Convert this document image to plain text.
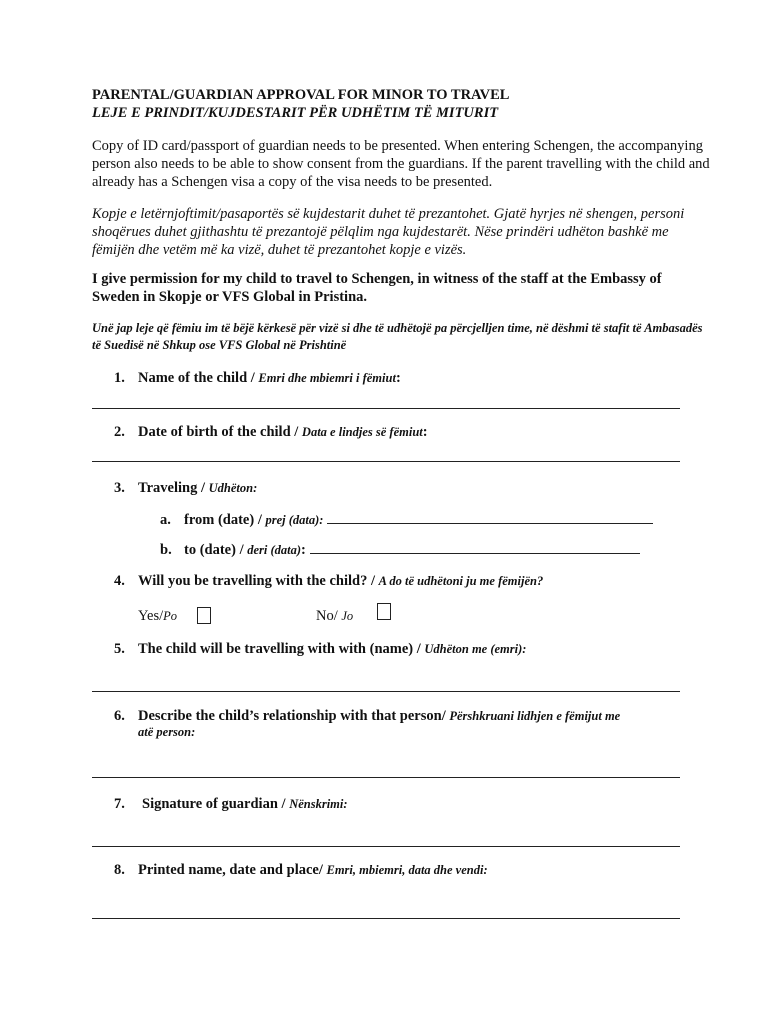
PARENTAL/GUARDIAN APPROVAL FOR MINOR TO TRAVEL
LEJE E PRINDIT/KUJDESTARIT PËR UDHËTIM TË MITURIT
Copy of ID card/passport of guardian needs to be presented. When entering Schengen, the accompanying person also needs to be able to show consent from the guardians. If the parent travelling with the child and already has a Schengen visa a copy of the visa needs to be presented.
Kopje e letërnjoftimit/pasaportës së kujdestarit duhet të prezantohet. Gjatë hyrjes në shengen, personi shoqërues duhet gjithashtu të prezantojë pëlqlim nga kujdestarët. Nëse prindëri udhëton bashkë me fëmijën dhe vetëm më ka vizë, duhet të prezantohet kopje e vizës.
I give permission for my child to travel to Schengen, in witness of the staff at the Embassy of Sweden in Skopje or VFS Global in Pristina.
Unë jap leje që fëmiu im të bëjë kërkesë për vizë si dhe të udhëtojë pa përcjelljen time, në dëshmi të stafit të Ambasadës të Suedisë në Shkup ose VFS Global në Prishtinë
1. Name of the child / Emri dhe mbiemri i fëmiut:
2. Date of birth of the child / Data e lindjes së fëmiut:
3. Traveling / Udhëton:
a. from (date) / prej (data):
b. to (date) / deri (data):
4. Will you be travelling with the child? / A do të udhëtoni ju me fëmijën?
Yes/Po	No/ Jo
5. The child will be travelling with with (name) / Udhëton me (emri):
6. Describe the child’s relationship with that person/ Përshkruani lidhjen e fëmijut me
atë person:
7. Signature of guardian / Nënskrimi:
8. Printed name, date and place/ Emri, mbiemri, data dhe vendi:
